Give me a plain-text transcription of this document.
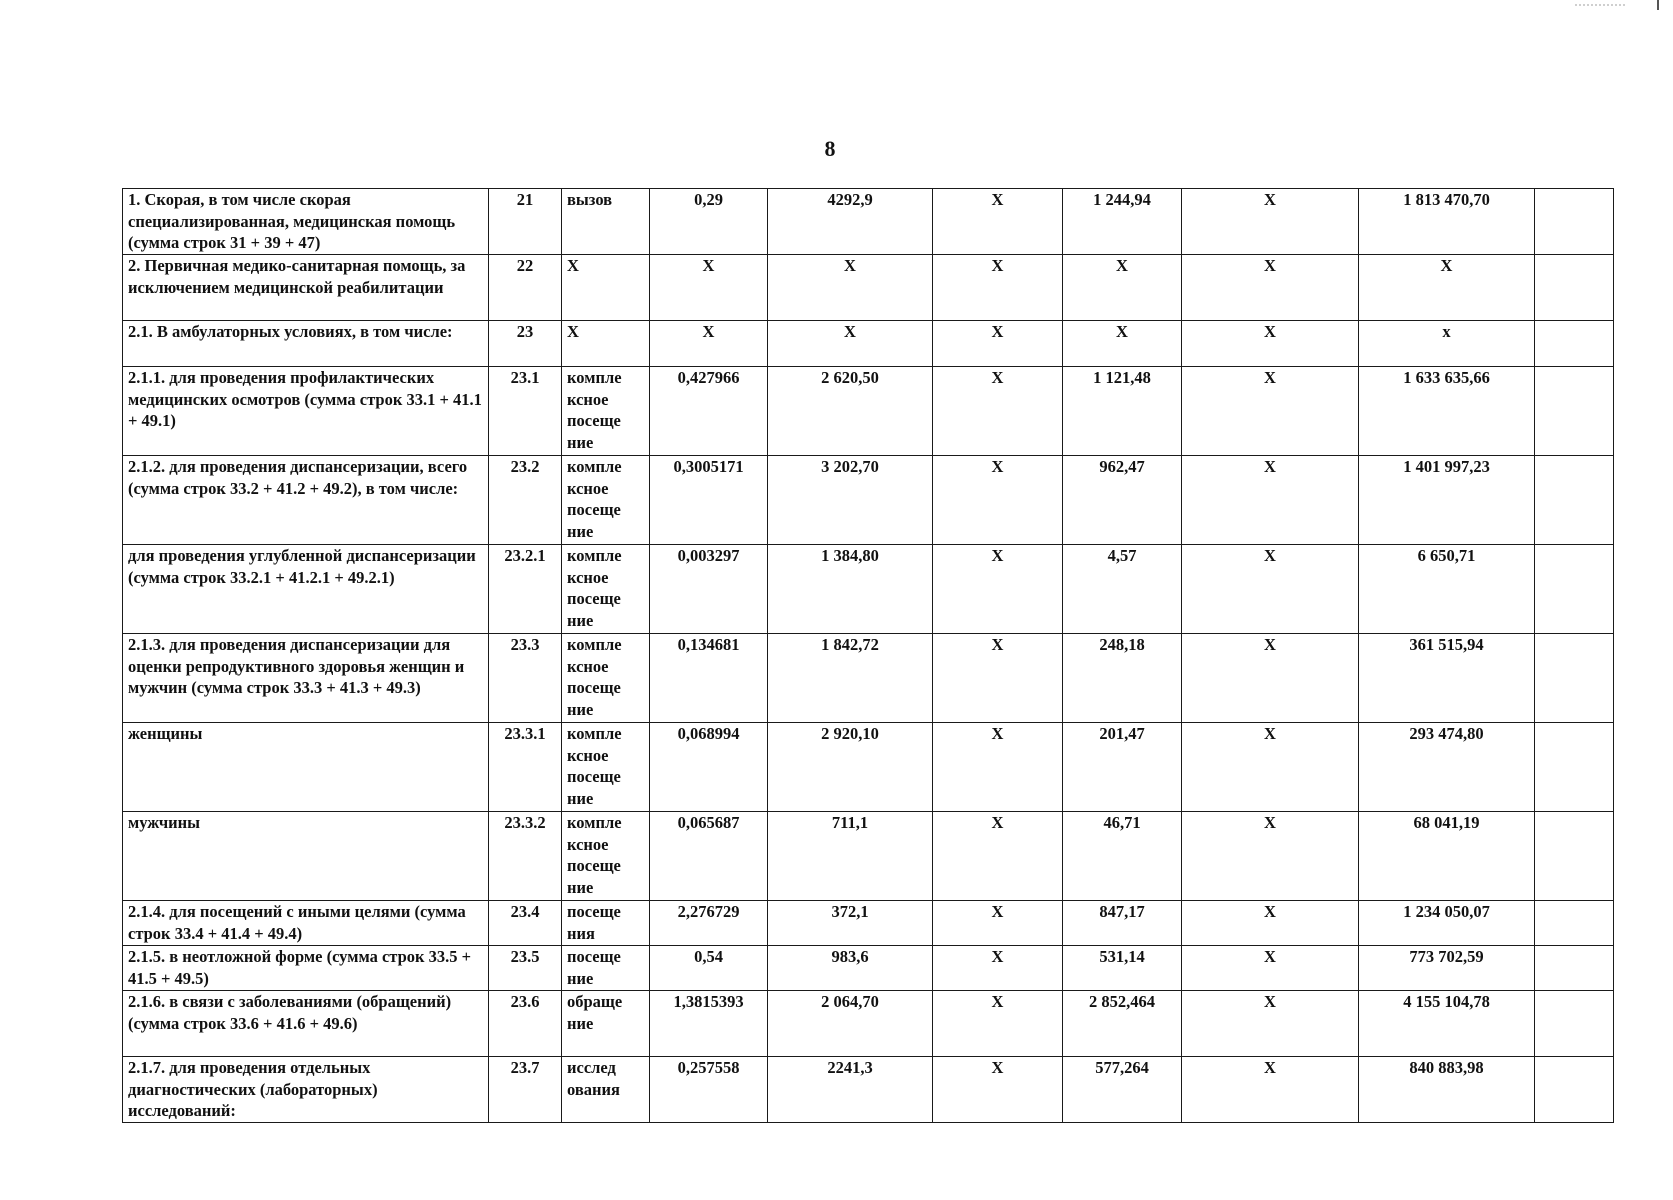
8
1. Скорая, в том числе скорая специализированная, медицинская помощь (сумма строк 31 + 39 + 47)	21	вызов	0,29	4292,9	X	1 244,94	X	1 813 470,70	
2. Первичная медико-санитарная помощь, за исключением медицинской реабилитации	22	X	X	X	X	X	X	X	
2.1. В амбулаторных условиях, в том числе:	23	X	X	X	X	X	X	x	
2.1.1. для проведения профилактических медицинских осмотров (сумма строк 33.1 + 41.1 + 49.1)	23.1	компле ксное посеще ние	0,427966	2 620,50	X	1 121,48	X	1 633 635,66	
2.1.2. для проведения диспансеризации, всего (сумма строк 33.2 + 41.2 + 49.2), в том числе:	23.2	компле ксное посеще ние	0,3005171	3 202,70	X	962,47	X	1 401 997,23	
для проведения углубленной диспансеризации (сумма строк 33.2.1 + 41.2.1 + 49.2.1)	23.2.1	компле ксное посеще ние	0,003297	1 384,80	X	4,57	X	6 650,71	
2.1.3. для проведения диспансеризации для оценки репродуктивного здоровья женщин и мужчин (сумма строк 33.3 + 41.3 + 49.3)	23.3	компле ксное посеще ние	0,134681	1 842,72	X	248,18	X	361 515,94	
женщины	23.3.1	компле ксное посеще ние	0,068994	2 920,10	X	201,47	X	293 474,80	
мужчины	23.3.2	компле ксное посеще ние	0,065687	711,1	X	46,71	X	68 041,19	
2.1.4. для посещений с иными целями (сумма строк 33.4 + 41.4 + 49.4)	23.4	посеще ния	2,276729	372,1	X	847,17	X	1 234 050,07	
2.1.5. в неотложной форме (сумма строк 33.5 + 41.5 + 49.5)	23.5	посеще ние	0,54	983,6	X	531,14	X	773 702,59	
2.1.6. в связи с заболеваниями (обращений) (сумма строк 33.6 + 41.6 + 49.6)	23.6	обраще ние	1,3815393	2 064,70	X	2 852,464	X	4 155 104,78	
2.1.7. для проведения отдельных диагностических (лабораторных) исследований:	23.7	исслед ования	0,257558	2241,3	X	577,264	X	840 883,98	
